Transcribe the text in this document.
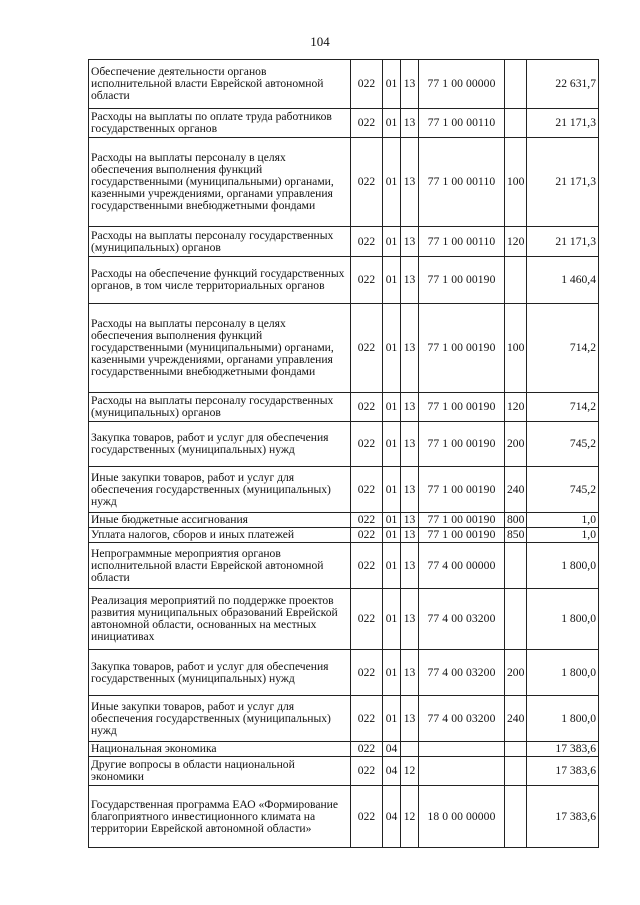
104
Обеспечение деятельности органов исполнительной власти Еврейской автономной области	022	01	13	77 1 00 00000		22 631,7
Расходы на выплаты по оплате труда работников государственных органов	022	01	13	77 1 00 00110		21 171,3
Расходы на выплаты персоналу в целях обеспечения выполнения функций государственными (муниципальными) органами, казенными учреждениями, органами управления государственными внебюджетными фондами	022	01	13	77 1 00 00110	100	21 171,3
Расходы на выплаты персоналу государственных (муниципальных) органов	022	01	13	77 1 00 00110	120	21 171,3
Расходы на обеспечение функций государственных органов, в том числе территориальных органов	022	01	13	77 1 00 00190		1 460,4
Расходы на выплаты персоналу в целях обеспечения выполнения функций государственными (муниципальными) органами, казенными учреждениями, органами управления государственными внебюджетными фондами	022	01	13	77 1 00 00190	100	714,2
Расходы на выплаты персоналу государственных (муниципальных) органов	022	01	13	77 1 00 00190	120	714,2
Закупка товаров, работ и услуг для обеспечения государственных (муниципальных) нужд	022	01	13	77 1 00 00190	200	745,2
Иные закупки товаров, работ и услуг для обеспечения государственных (муниципальных) нужд	022	01	13	77 1 00 00190	240	745,2
Иные бюджетные ассигнования	022	01	13	77 1 00 00190	800	1,0
Уплата налогов, сборов и иных платежей	022	01	13	77 1 00 00190	850	1,0
Непрограммные мероприятия органов исполнительной власти Еврейской автономной области	022	01	13	77 4 00 00000		1 800,0
Реализация мероприятий по поддержке проектов развития муниципальных образований Еврейской автономной области, основанных на местных инициативах	022	01	13	77 4 00 03200		1 800,0
Закупка товаров, работ и услуг для обеспечения государственных (муниципальных) нужд	022	01	13	77 4 00 03200	200	1 800,0
Иные закупки товаров, работ и услуг для обеспечения государственных (муниципальных) нужд	022	01	13	77 4 00 03200	240	1 800,0
Национальная экономика	022	04				17 383,6
Другие вопросы в области национальной экономики	022	04	12			17 383,6
Государственная программа ЕАО «Формирование благоприятного инвестиционного климата на территории Еврейской автономной области»	022	04	12	18 0 00 00000		17 383,6
